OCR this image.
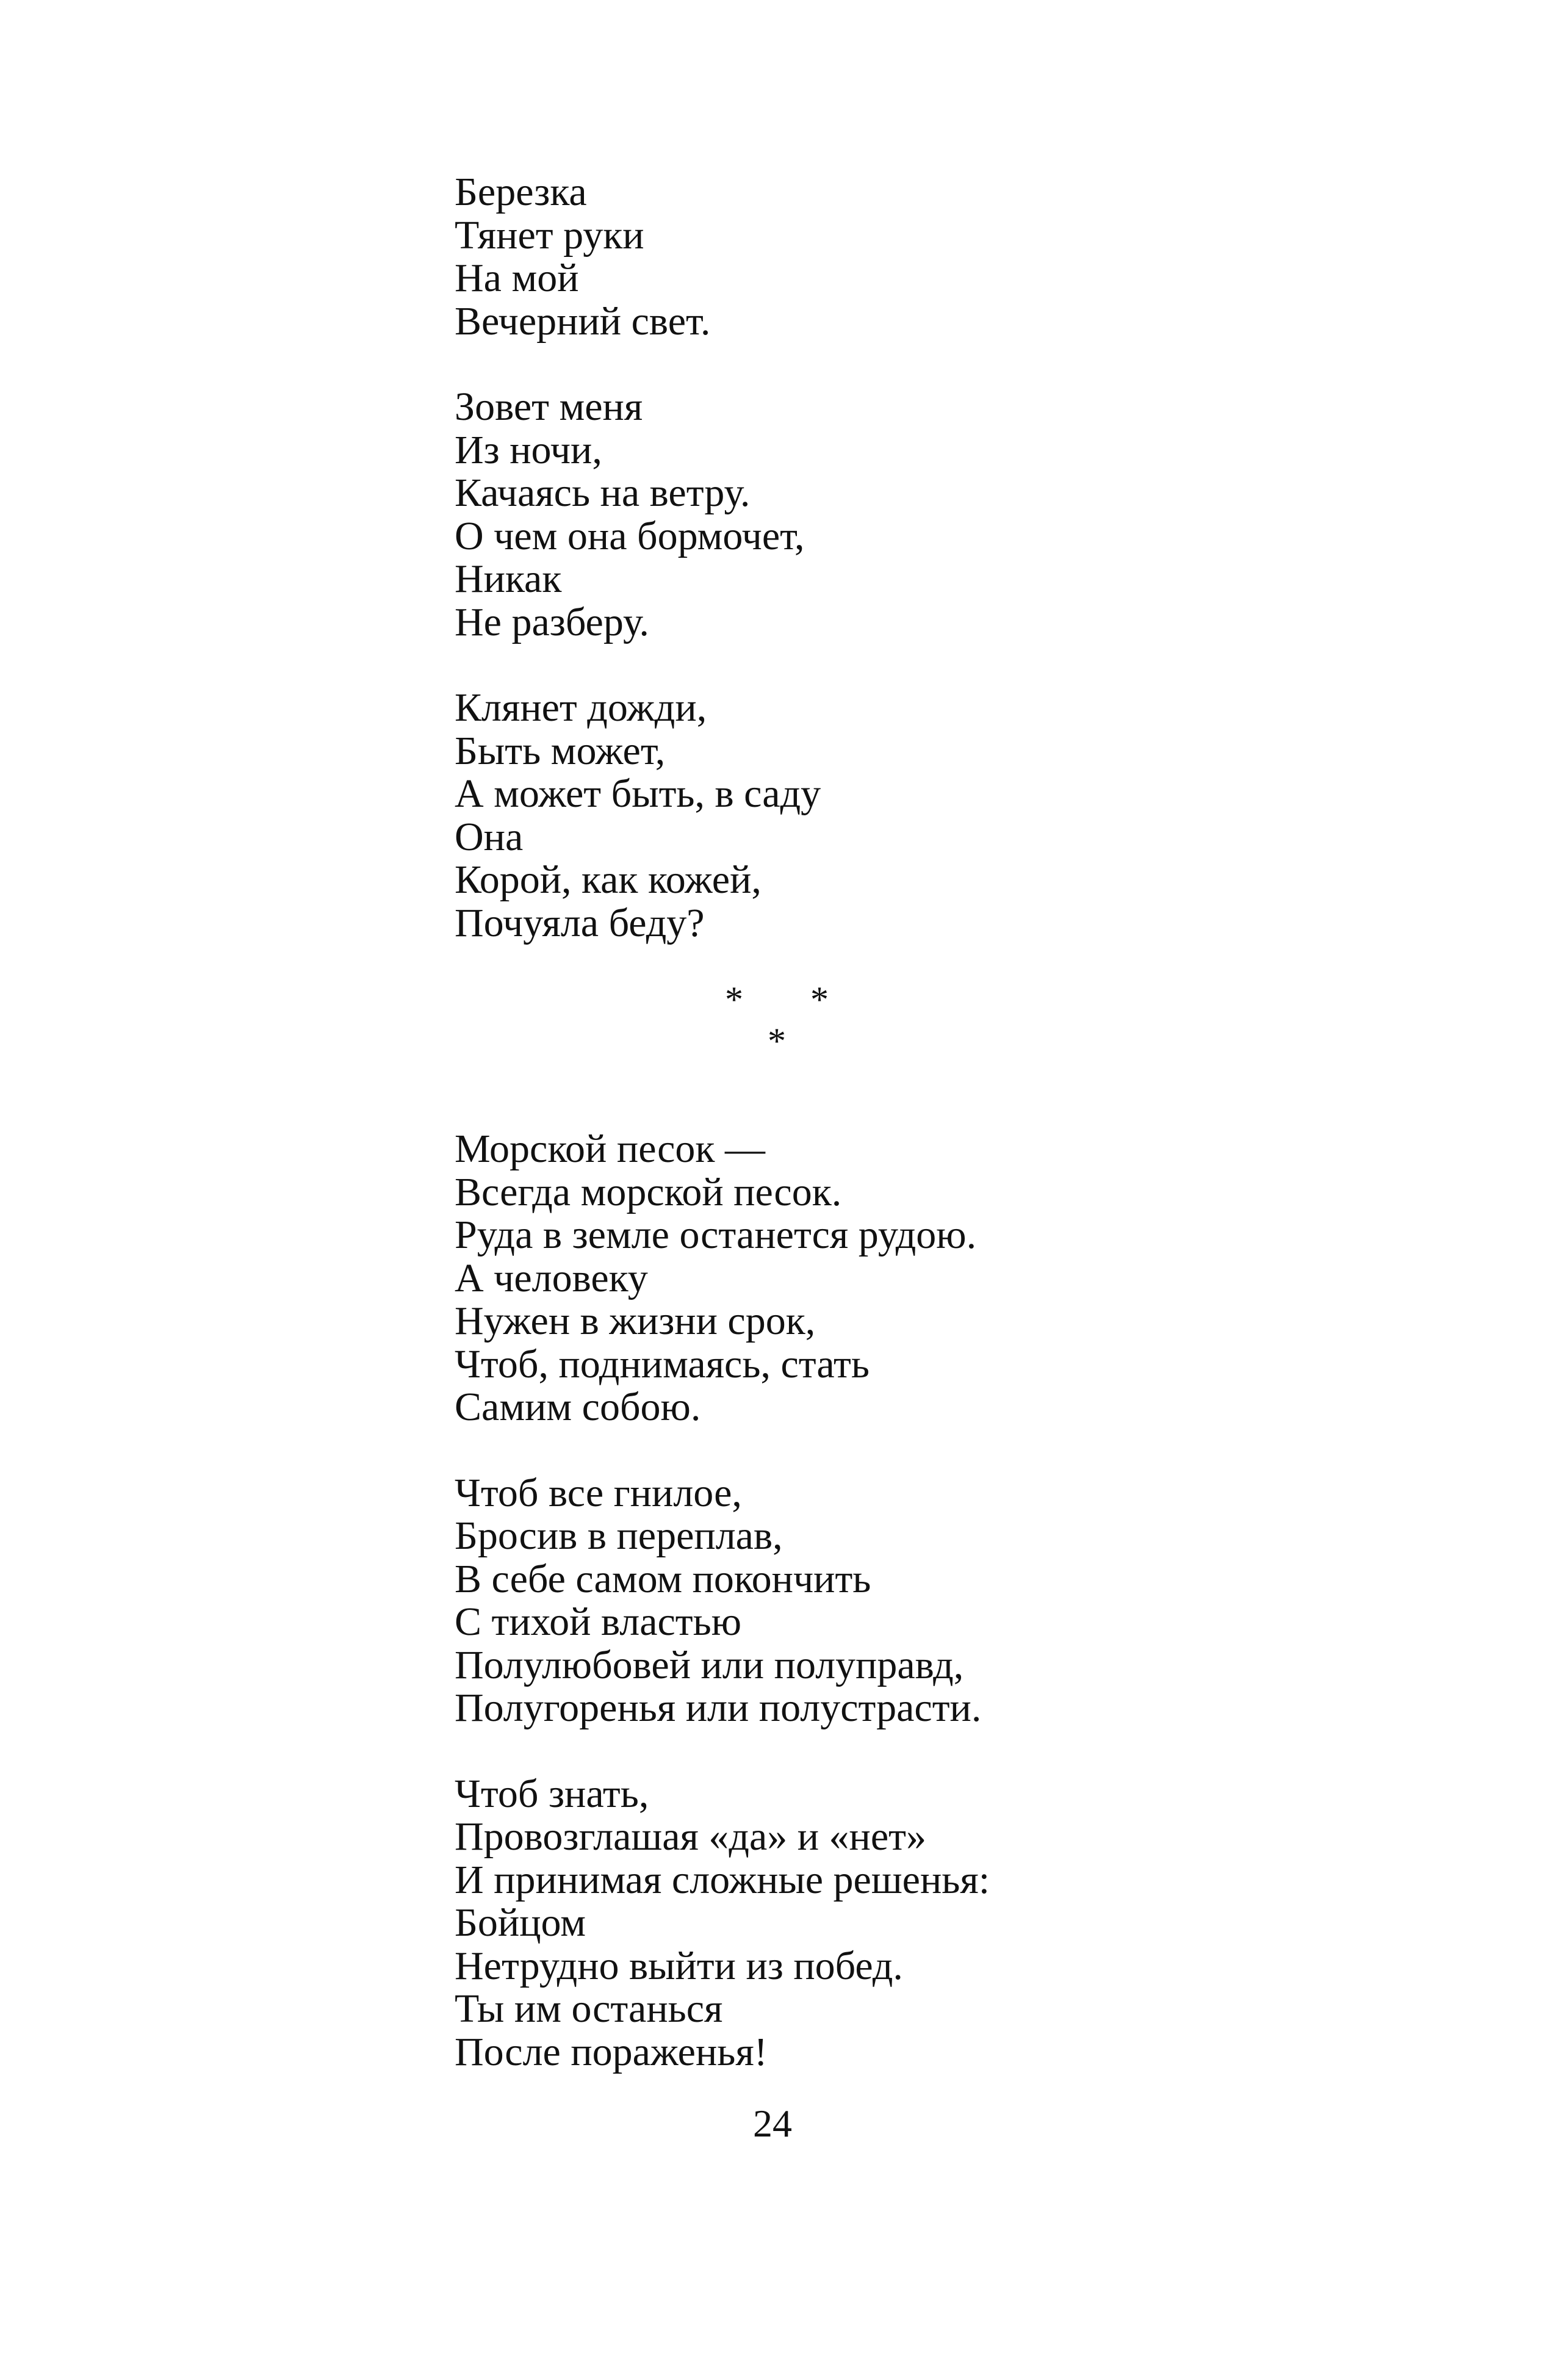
Березка
Тянет руки
На мой
Вечерний свет.
Зовет меня
Из ночи,
Качаясь на ветру.
О чем она бормочет,
Никак
Не разберу.
Клянет дожди,
Быть может,
А может быть, в саду
Она
Корой, как кожей,
Почуяла беду?
* *
*
Морской песок —
Всегда морской песок.
Руда в земле останется рудою.
А человеку
Нужен в жизни срок,
Чтоб, поднимаясь, стать
Самим собою.
Чтоб все гнилое,
Бросив в переплав,
В себе самом покончить
С тихой властью
Полулюбовей или полуправд,
Полугоренья или полустрасти.
Чтоб знать,
Провозглашая «да» и «нет»
И принимая сложные решенья:
Бойцом
Нетрудно выйти из побед.
Ты им останься
После пораженья!
24
